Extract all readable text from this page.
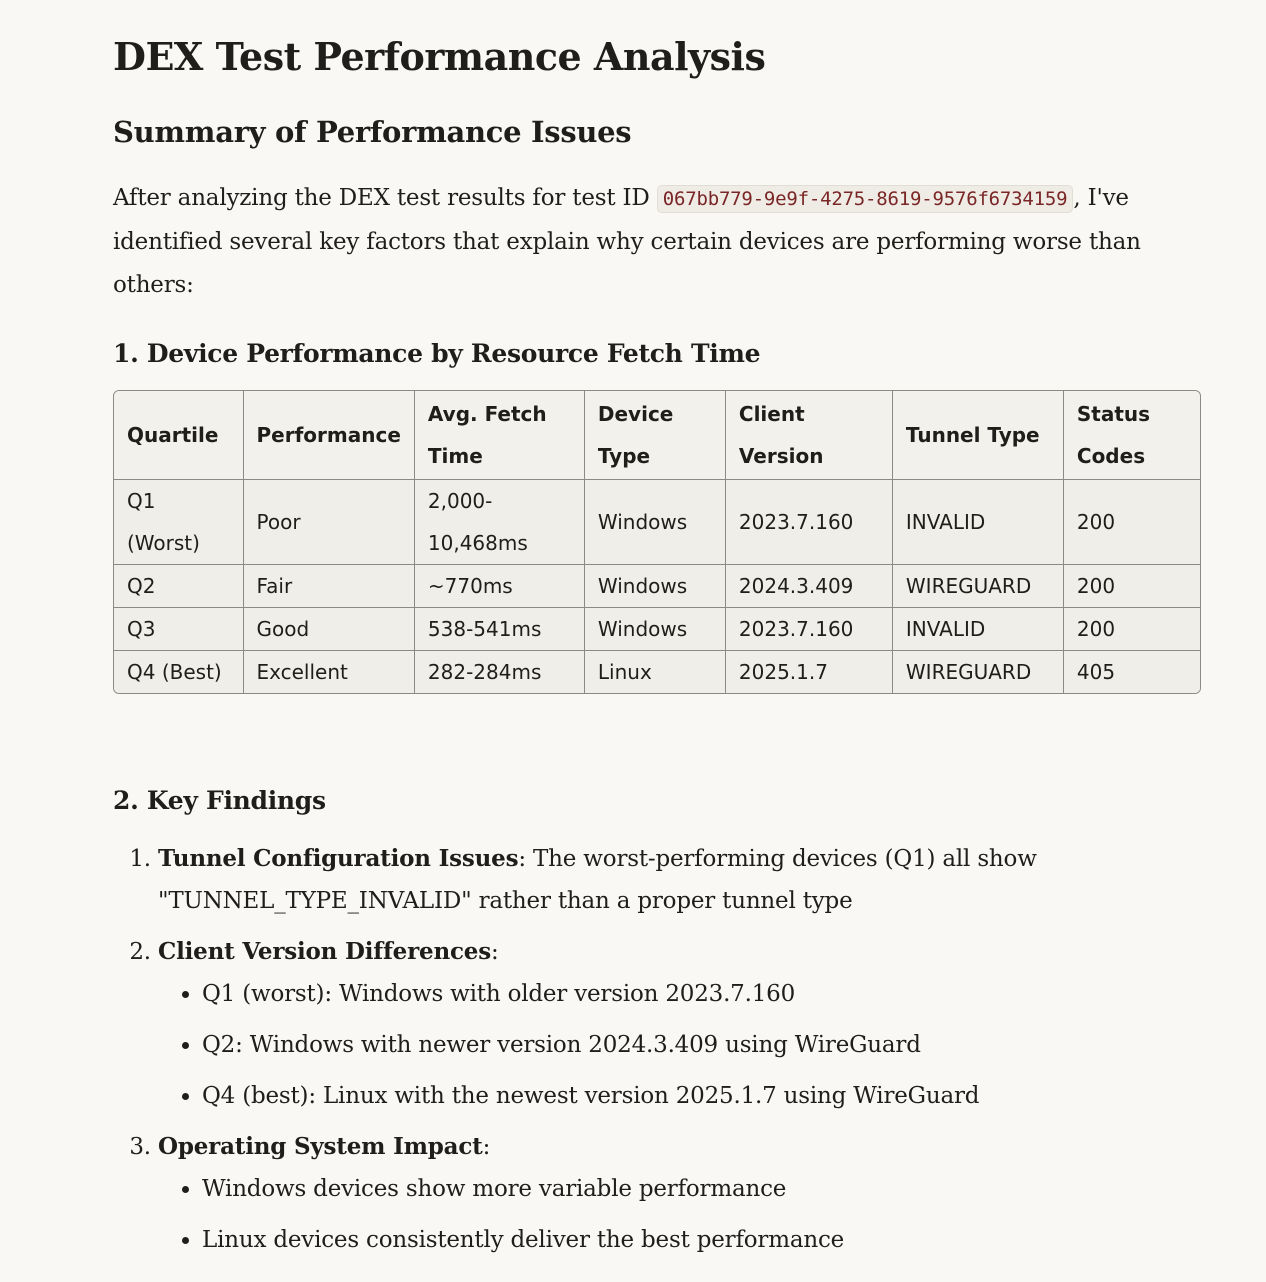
DEX Test Performance Analysis
Summary of Performance Issues

After analyzing the DEX test results for test ID 067bb779-9e9f-4275-8619-9576f6734159 , I've identified several key factors that explain why certain devices are performing worse than others:

1. Device Performance by Resource Fetch Time
Quartile	Performance	Avg. Fetch Time	Device Type	Client Version	Tunnel Type	Status Codes
Q1 (Worst)	Poor	2,000-10,468ms	Windows	2023.7.160	INVALID	200
Q2	Fair	~770ms	Windows	2024.3.409	WIREGUARD	200
Q3	Good	538-541ms	Windows	2023.7.160	INVALID	200
Q4 (Best)	Excellent	282-284ms	Linux	2025.1.7	WIREGUARD	405
2. Key Findings
1. Tunnel Configuration Issues: The worst-performing devices (Q1) all show "TUNNEL_TYPE_INVALID" rather than a proper tunnel type
2. Client Version Differences:
• Q1 (worst): Windows with older version 2023.7.160
• Q2: Windows with newer version 2024.3.409 using WireGuard
• Q4 (best): Linux with the newest version 2025.1.7 using WireGuard
3. Operating System Impact:
• Windows devices show more variable performance
• Linux devices consistently deliver the best performance
